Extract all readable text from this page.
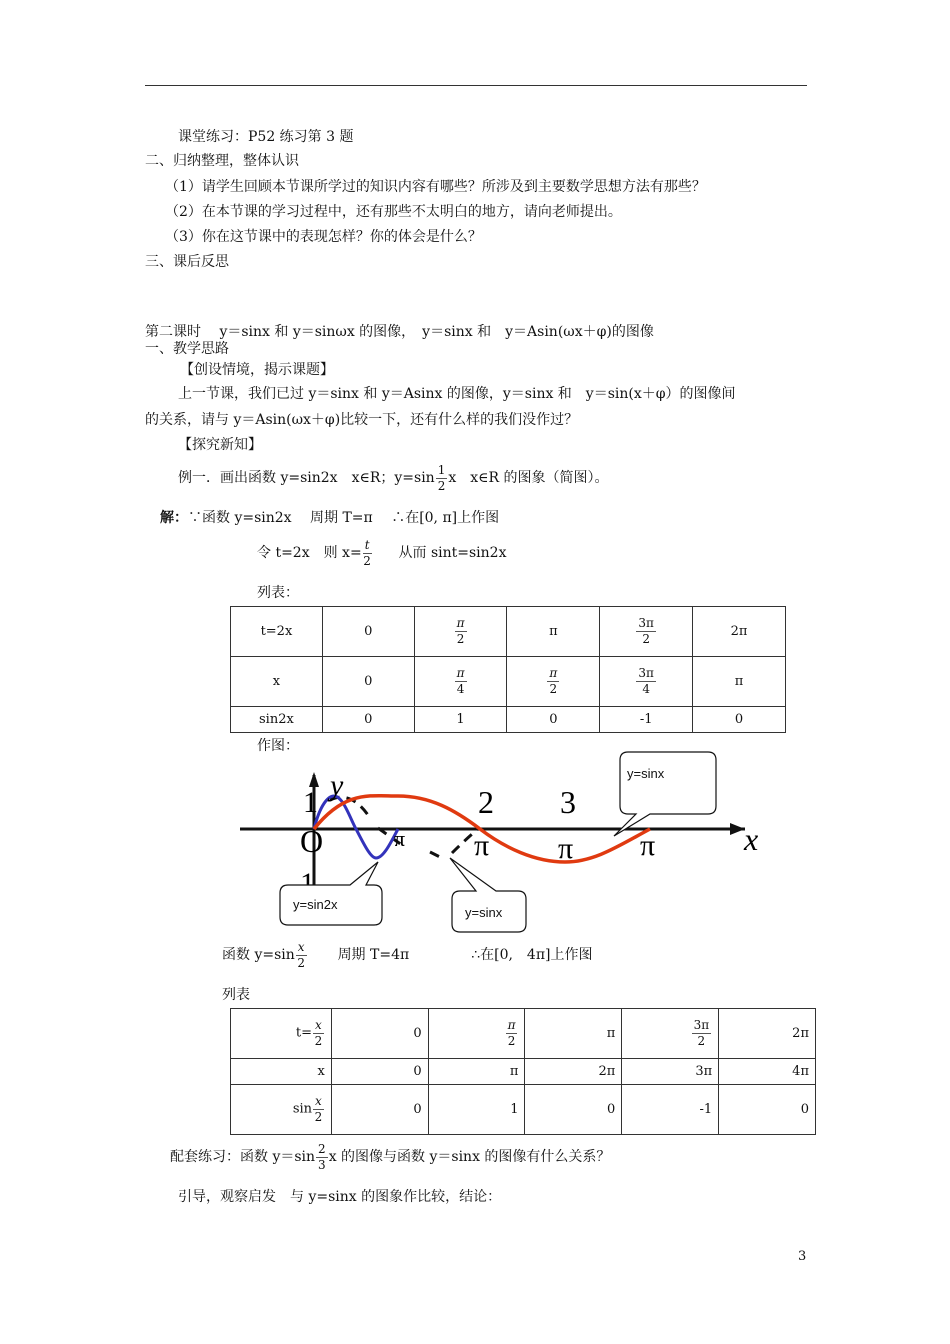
课堂练习：P52 练习第 3 题
二、归纳整理，整体认识
（1）请学生回顾本节课所学过的知识内容有哪些？所涉及到主要数学思想方法有那些？
（2）在本节课的学习过程中，还有那些不太明白的地方，请向老师提出。
（3）你在这节课中的表现怎样？你的体会是什么？
三、课后反思
第二课时　 y＝sinx 和 y＝sinωx 的图像，　y＝sinx 和　y＝Asin(ωx＋φ)的图像
一、教学思路
【创设情境，揭示课题】
上一节课，我们已过 y＝sinx 和 y＝Asinx 的图像，y＝sinx 和　y＝sin(x＋φ）的图像间
的关系，请与 y＝Asin(ωx＋φ)比较一下，还有什么样的我们没作过？
【探究新知】
例一．画出函数 y=sin2x　x∈R；$y=\sin \frac{1}{2}$ x　x∈R 的图象（简图）。
解：∵函数 y=sin2x　 周期 T=π　 ∴在[0, π]上作图
令 t=2x　则 $x= \frac{t}{2}$ 从而 sint=sin2x
列表：
t=2x	0	$\frac{\pi}{2}$	π	$\frac{3\pi}{2}$	2π
x	0	$\frac{\pi}{4}$	$\frac{\pi}{2}$	$\frac{3\pi}{4}$	π
sin2x	0	1	0	-1	0
作图：
y
1
O
1
π
2
π
3
π π	x
y=sinx
y=sin2x
y=sinx
函数 $y=\sin \frac{x}{2}$ 周期 T=4π	∴在[0,　4π]上作图
列表
$t= \frac{x}{2}$	0	$\frac{\pi}{2}$	π	$\frac{3\pi}{2}$	2π
x	0	π	2π	3π	4π
$\sin \frac{x}{2}$	0	1	0	-1	0
配套练习：函数 $y=\sin \frac{2}{3}$ x 的图像与函数 y＝sinx 的图像有什么关系？
引导，观察启发　与 y=sinx 的图象作比较，结论：
3
